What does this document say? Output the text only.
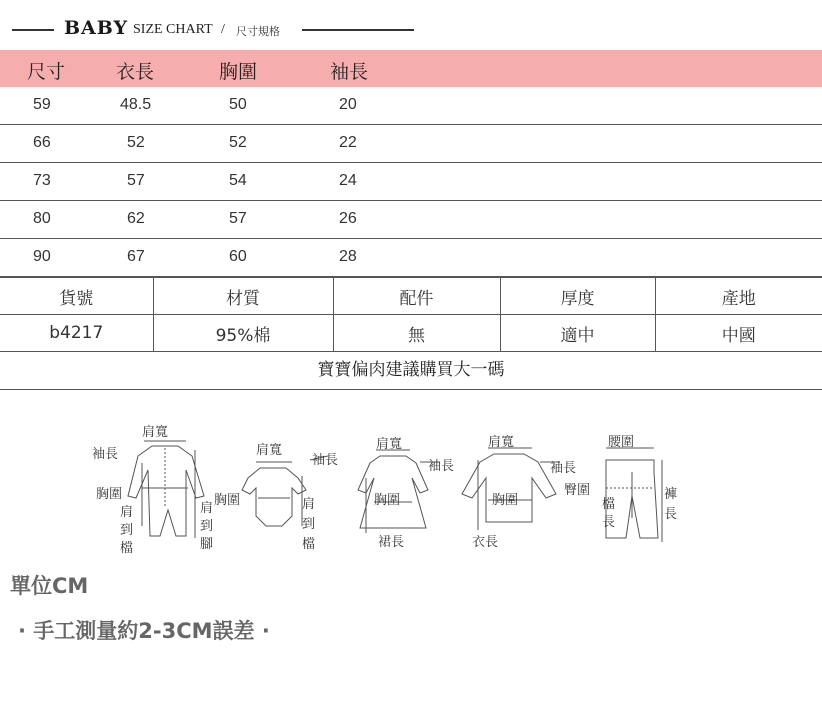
BABY SIZE CHART / 尺寸規格
尺寸	衣長	胸圍	袖長
59	48.5	50	20
66	52	52	22
73	57	54	24
80	62	57	26
90	67	60	28
貨號	材質	配件	厚度	產地
b4217	95%棉	無	適中	中國
寶寶偏肉建議購買大一碼
肩寬
袖長
胸圍
肩
到
檔
肩
到
腳
肩寬
袖長
胸圍	肩
到
檔
肩寬
袖長
胸圍
裙長
肩寬
袖長
胸圍
衣長
腰圍
臀圍
檔
長
褲
長
單位CM
· 手工測量約2-3CM誤差 ·
